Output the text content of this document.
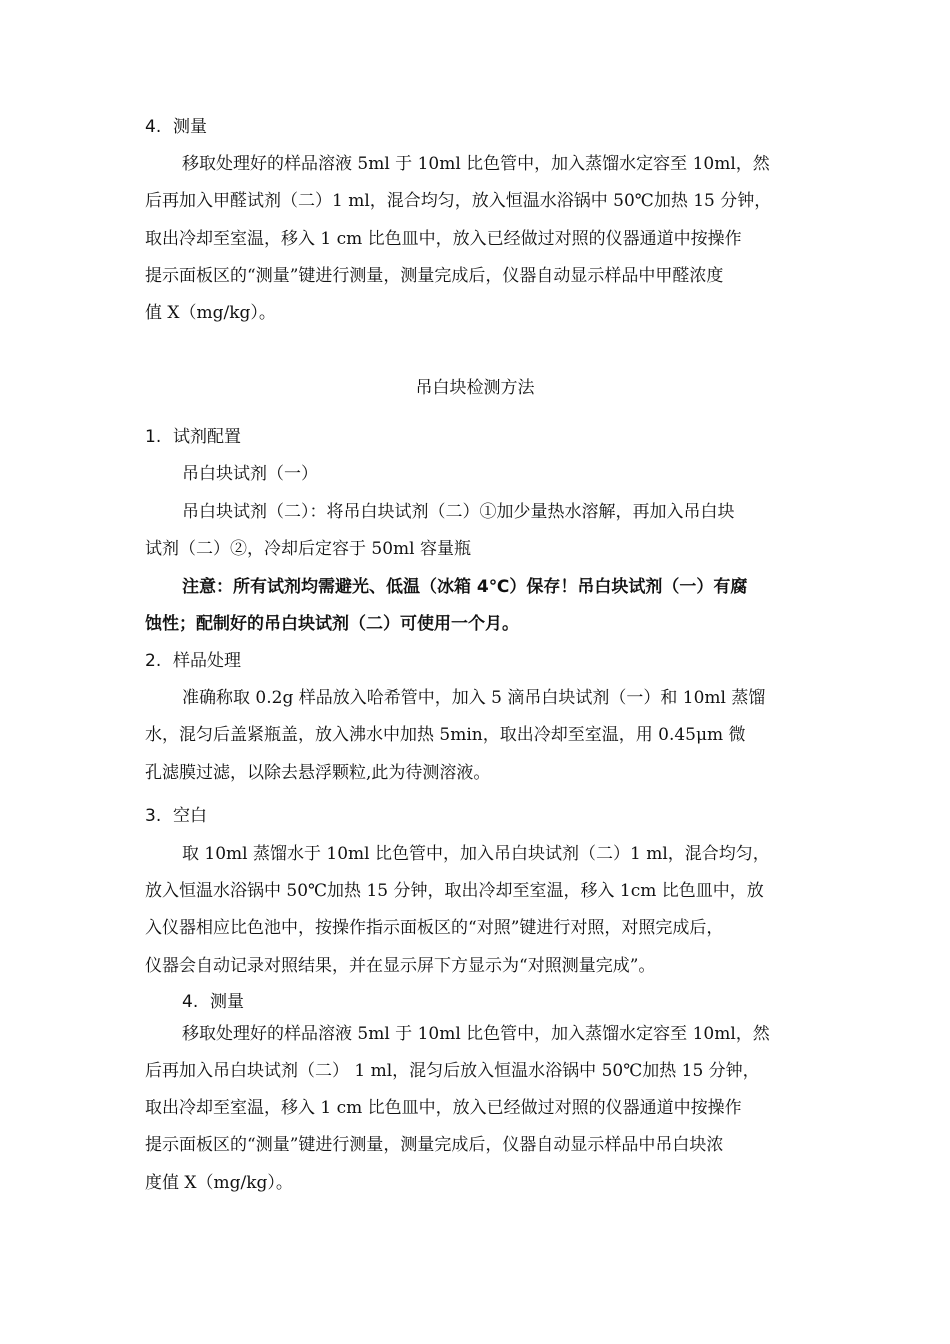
4. 测量
移取处理好的样品溶液 5ml 于 10ml 比色管中，加入蒸馏水定容至 10ml，然
后再加入甲醛试剂（二）1 ml，混合均匀，放入恒温水浴锅中 50℃加热 15 分钟，
取出冷却至室温，移入 1 cm 比色皿中，放入已经做过对照的仪器通道中按操作
提示面板区的“测量”键进行测量，测量完成后，仪器自动显示样品中甲醛浓度
值 X（mg/kg）。
吊白块检测方法
1. 试剂配置
吊白块试剂（一）
吊白块试剂（二）：将吊白块试剂（二）①加少量热水溶解，再加入吊白块
试剂（二）②，冷却后定容于 50ml 容量瓶
注意：所有试剂均需避光、低温（冰箱 4℃）保存！吊白块试剂（一）有腐
蚀性；配制好的吊白块试剂（二）可使用一个月。
2. 样品处理
准确称取 0.2g 样品放入哈希管中，加入 5 滴吊白块试剂（一）和 10ml 蒸馏
水，混匀后盖紧瓶盖，放入沸水中加热 5min，取出冷却至室温，用 0.45μm 微
孔滤膜过滤，以除去悬浮颗粒,此为待测溶液。
3. 空白
取 10ml 蒸馏水于 10ml 比色管中，加入吊白块试剂（二）1 ml，混合均匀，
放入恒温水浴锅中 50℃加热 15 分钟，取出冷却至室温，移入 1cm 比色皿中，放
入仪器相应比色池中，按操作指示面板区的“对照”键进行对照，对照完成后，
仪器会自动记录对照结果，并在显示屏下方显示为“对照测量完成”。
4. 测量
移取处理好的样品溶液 5ml 于 10ml 比色管中，加入蒸馏水定容至 10ml，然
后再加入吊白块试剂（二） 1 ml，混匀后放入恒温水浴锅中 50℃加热 15 分钟，
取出冷却至室温，移入 1 cm 比色皿中，放入已经做过对照的仪器通道中按操作
提示面板区的“测量”键进行测量，测量完成后，仪器自动显示样品中吊白块浓
度值 X（mg/kg）。
